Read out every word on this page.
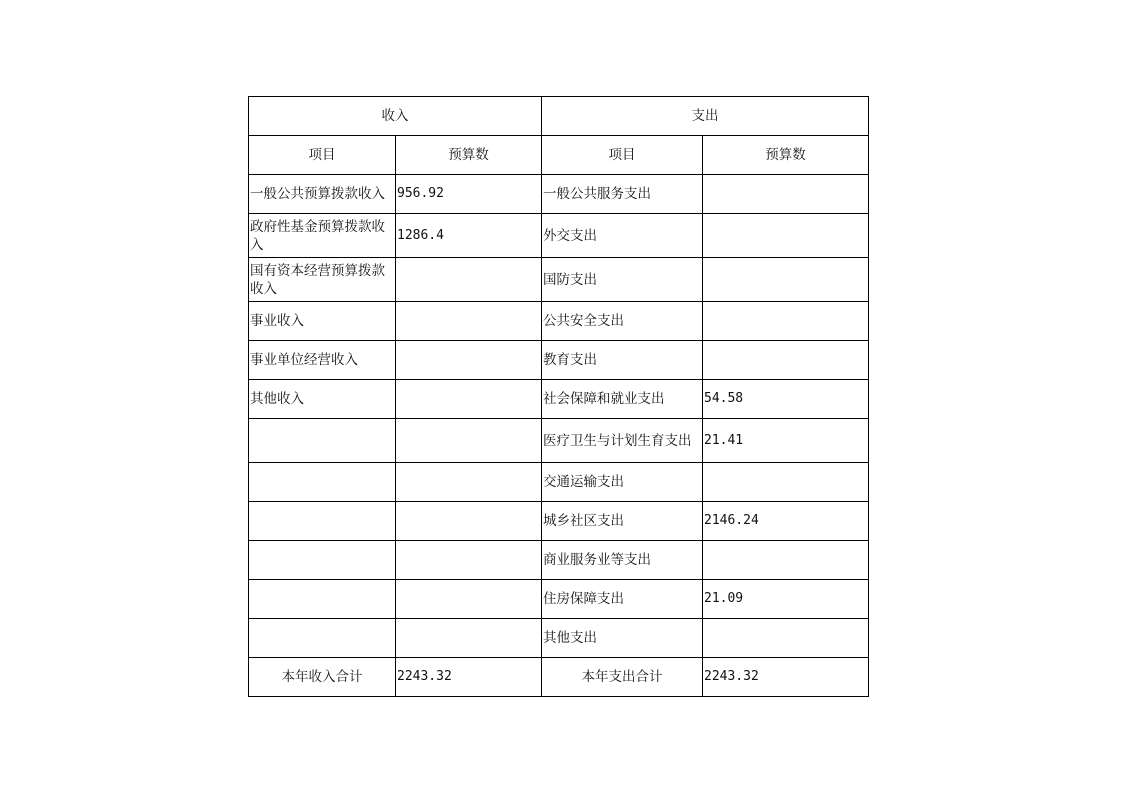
收入		支出	
项目	预算数	项目	预算数
一般公共预算拨款收入	956.92	一般公共服务支出	
政府性基金预算拨款收入	1286.4	外交支出	
国有资本经营预算拨款收入		国防支出	
事业收入		公共安全支出	
事业单位经营收入		教育支出	
其他收入		社会保障和就业支出	54.58
		医疗卫生与计划生育支出	21.41
		交通运输支出	
		城乡社区支出	2146.24
		商业服务业等支出	
		住房保障支出	21.09
		其他支出	
本年收入合计	2243.32	本年支出合计	2243.32
